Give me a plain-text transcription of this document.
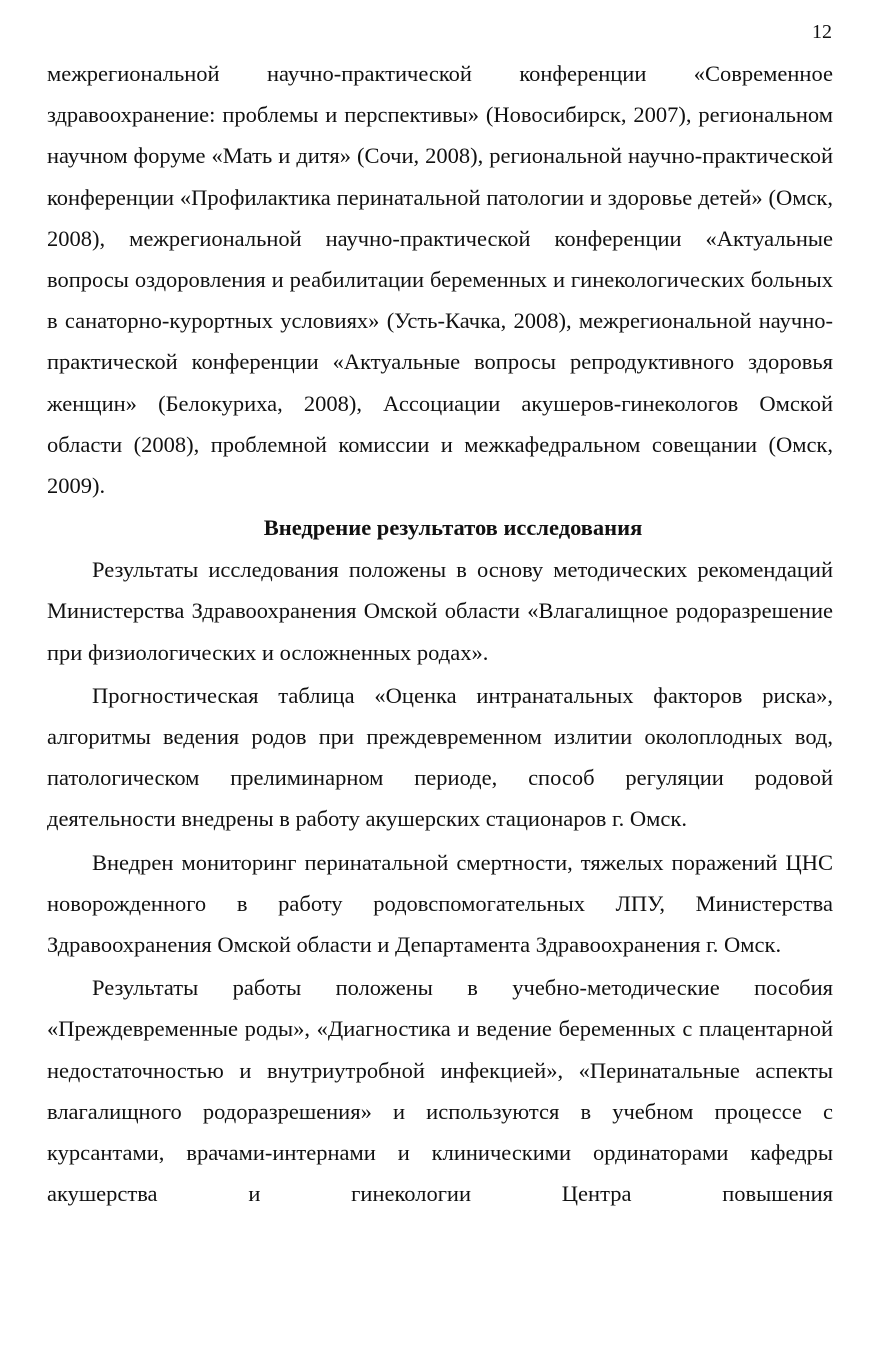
12

межрегиональной научно-практической конференции «Современное здравоохранение: проблемы и перспективы» (Новосибирск, 2007), региональном научном форуме «Мать и дитя» (Сочи, 2008), региональной научно-практической конференции «Профилактика перинатальной патологии и здоровье детей» (Омск, 2008), межрегиональной научно-практической конференции «Актуальные вопросы оздоровления и реабилитации беременных и гинекологических больных в санаторно-курортных условиях» (Усть-Качка, 2008), межрегиональной научно-практической конференции «Актуальные вопросы репродуктивного здоровья женщин» (Белокуриха, 2008), Ассоциации акушеров-гинекологов Омской области (2008), проблемной комиссии и межкафедральном совещании (Омск, 2009).

Внедрение результатов исследования

Результаты исследования положены в основу методических рекомендаций Министерства Здравоохранения Омской области «Влагалищное родоразрешение при физиологических и осложненных родах».

Прогностическая таблица «Оценка интранатальных факторов риска», алгоритмы ведения родов при преждевременном излитии околоплодных вод, патологическом прелиминарном периоде, способ регуляции родовой деятельности внедрены в работу акушерских стационаров г. Омск.

Внедрен мониторинг перинатальной смертности, тяжелых поражений ЦНС новорожденного в работу родовспомогательных ЛПУ, Министерства Здравоохранения Омской области и Департамента Здравоохранения г. Омск.

Результаты работы положены в учебно-методические пособия «Преждевременные роды», «Диагностика и ведение беременных с плацентарной недостаточностью и внутриутробной инфекцией», «Перинатальные аспекты влагалищного родоразрешения» и используются в учебном процессе с курсантами, врачами-интернами и клиническими ординаторами кафедры акушерства и гинекологии Центра повышения
